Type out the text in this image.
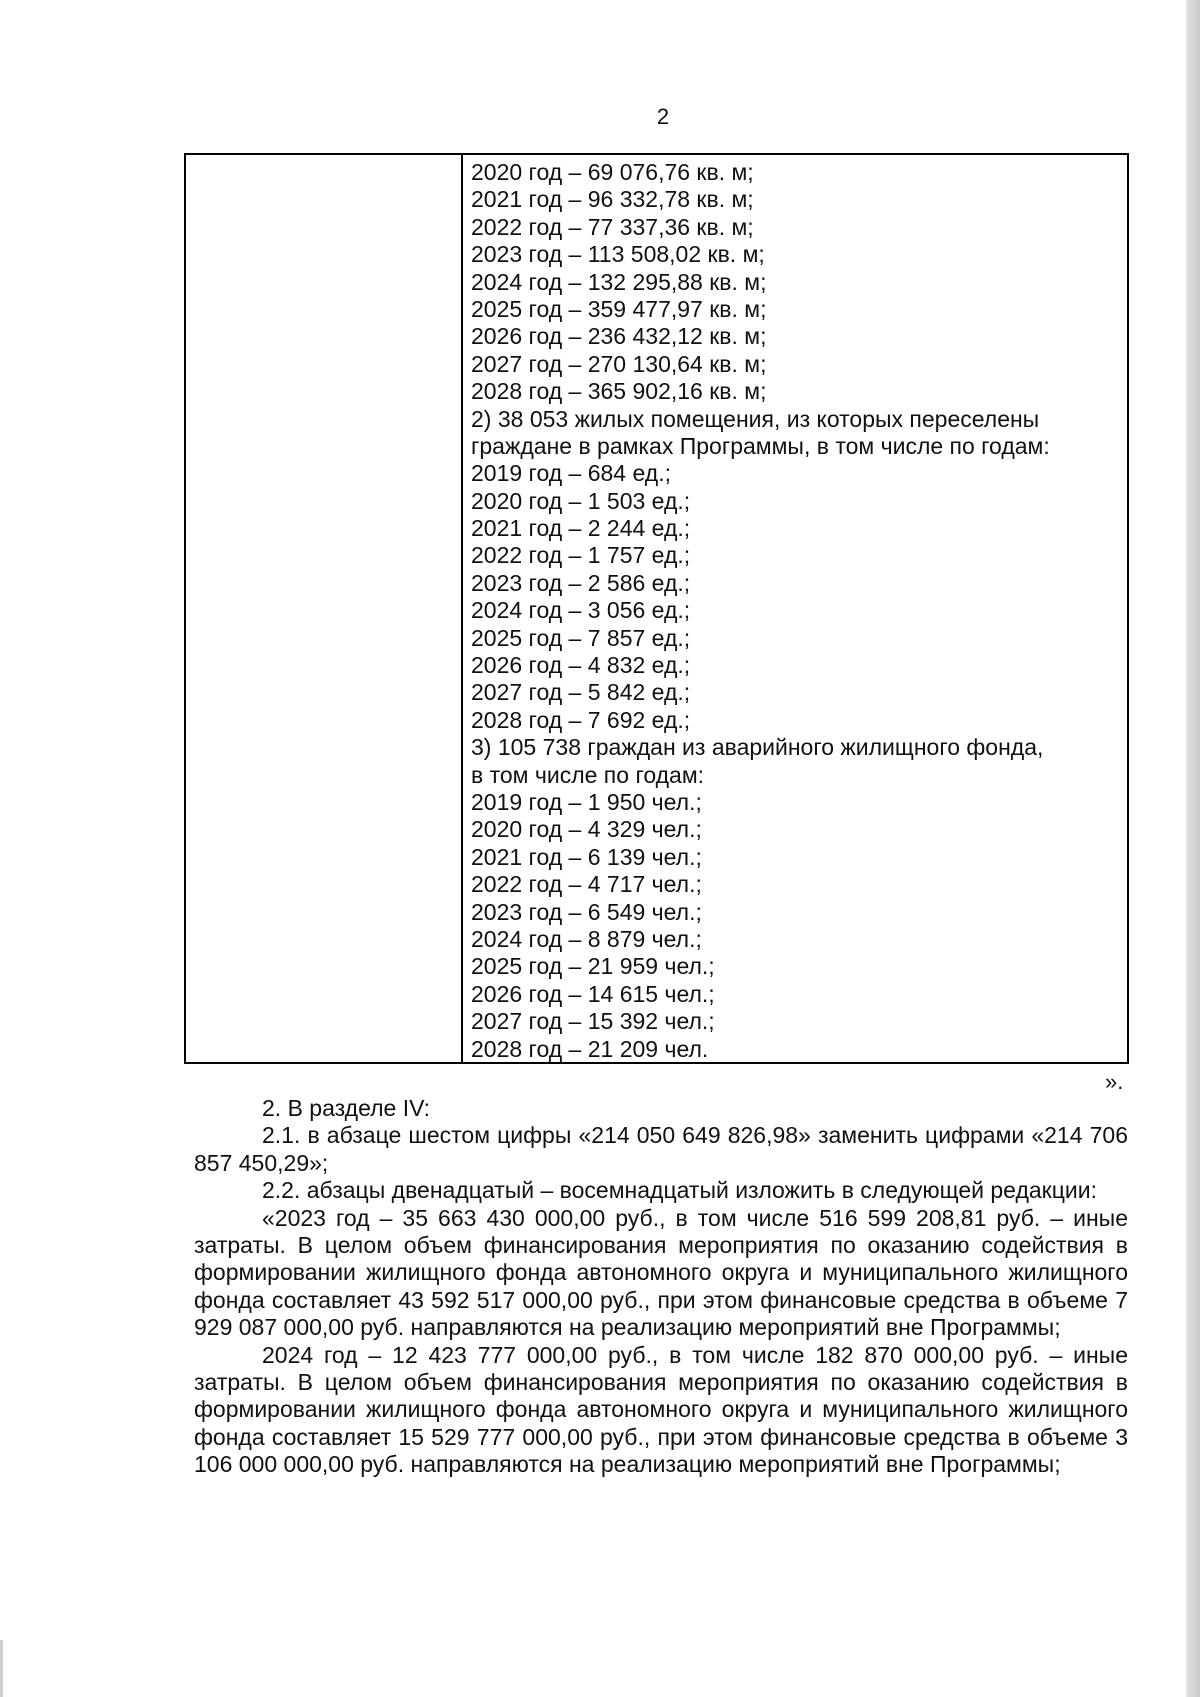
2
2020 год – 69 076,76 кв. м;
2021 год – 96 332,78 кв. м;
2022 год – 77 337,36 кв. м;
2023 год – 113 508,02 кв. м;
2024 год – 132 295,88 кв. м;
2025 год – 359 477,97 кв. м;
2026 год – 236 432,12 кв. м;
2027 год – 270 130,64 кв. м;
2028 год – 365 902,16 кв. м;
2) 38 053 жилых помещения, из которых переселены
граждане в рамках Программы, в том числе по годам:
2019 год – 684 ед.;
2020 год – 1 503 ед.;
2021 год – 2 244 ед.;
2022 год – 1 757 ед.;
2023 год – 2 586 ед.;
2024 год – 3 056 ед.;
2025 год – 7 857 ед.;
2026 год – 4 832 ед.;
2027 год – 5 842 ед.;
2028 год – 7 692 ед.;
3) 105 738 граждан из аварийного жилищного фонда,
в том числе по годам:
2019 год – 1 950 чел.;
2020 год – 4 329 чел.;
2021 год – 6 139 чел.;
2022 год – 4 717 чел.;
2023 год – 6 549 чел.;
2024 год – 8 879 чел.;
2025 год – 21 959 чел.;
2026 год – 14 615 чел.;
2027 год – 15 392 чел.;
2028 год – 21 209 чел.
».

2. В разделе IV:

2.1. в абзаце шестом цифры «214 050 649 826,98» заменить цифрами «214 706 857 450,29»;

2.2. абзацы двенадцатый – восемнадцатый изложить в следующей редакции:

«2023 год – 35 663 430 000,00 руб., в том числе 516 599 208,81 руб. – иные затраты. В целом объем финансирования мероприятия по оказанию содействия в формировании жилищного фонда автономного округа и муниципального жилищного фонда составляет 43 592 517 000,00 руб., при этом финансовые средства в объеме 7 929 087 000,00 руб. направляются на реализацию мероприятий вне Программы;

2024 год – 12 423 777 000,00 руб., в том числе 182 870 000,00 руб. – иные затраты. В целом объем финансирования мероприятия по оказанию содействия в формировании жилищного фонда автономного округа и муниципального жилищного фонда составляет 15 529 777 000,00 руб., при этом финансовые средства в объеме 3 106 000 000,00 руб. направляются на реализацию мероприятий вне Программы;
